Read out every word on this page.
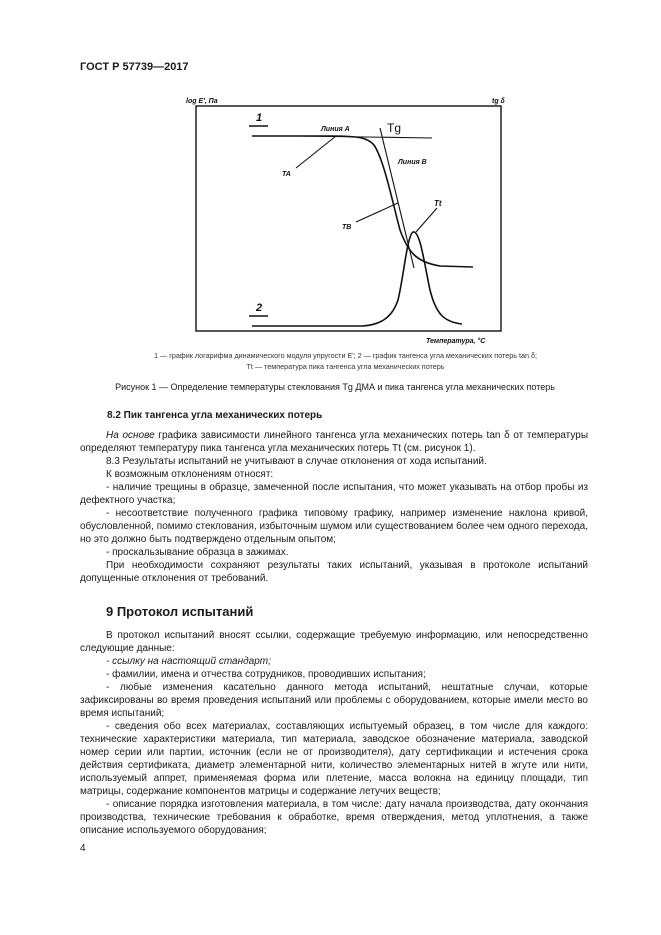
ГОСТ Р 57739—2017
log E', Па	tg δ
1
2
Линия A	Tg
Линия B
TA
TB
Tt
Температура, °С
1 — график логарифма динамического модуля упругости E'; 2 — график тангенса угла механических потерь tan δ;
Tt — температура пика тангенса угла механических потерь
Рисунок 1 — Определение температуры стеклования Tg ДМА и пика тангенса угла механических потерь
8.2 Пик тангенса угла механических потерь

На основе графика зависимости линейного тангенса угла механических потерь tan δ от температуры определяют температуру пика тангенса угла механических потерь Tt (см. рисунок 1).

8.3 Результаты испытаний не учитывают в случае отклонения от хода испытаний.

К возможным отклонениям относят:

- наличие трещины в образце, замеченной после испытания, что может указывать на отбор пробы из дефектного участка;

- несоответствие полученного графика типовому графику, например изменение наклона кривой, обусловленной, помимо стеклования, избыточным шумом или существованием более чем одного перехода, но это должно быть подтверждено отдельным опытом;

- проскальзывание образца в зажимах.

При необходимости сохраняют результаты таких испытаний, указывая в протоколе испытаний допущенные отклонения от требований.

9 Протокол испытаний

В протокол испытаний вносят ссылки, содержащие требуемую информацию, или непосредственно следующие данные:

- ссылку на настоящий стандарт;

- фамилии, имена и отчества сотрудников, проводивших испытания;

- любые изменения касательно данного метода испытаний, нештатные случаи, которые зафиксированы во время проведения испытаний или проблемы с оборудованием, которые имели место во время испытаний;

- сведения обо всех материалах, составляющих испытуемый образец, в том числе для каждого: технические характеристики материала, тип материала, заводское обозначение материала, заводской номер серии или партии, источник (если не от производителя), дату сертификации и истечения срока действия сертификата, диаметр элементарной нити, количество элементарных нитей в жгуте или нити, используемый аппрет, применяемая форма или плетение, масса волокна на единицу площади, тип матрицы, содержание компонентов матрицы и содержание летучих веществ;

- описание порядка изготовления материала, в том числе: дату начала производства, дату окончания производства, технические требования к обработке, время отверждения, метод уплотнения, а также описание используемого оборудования;

4
